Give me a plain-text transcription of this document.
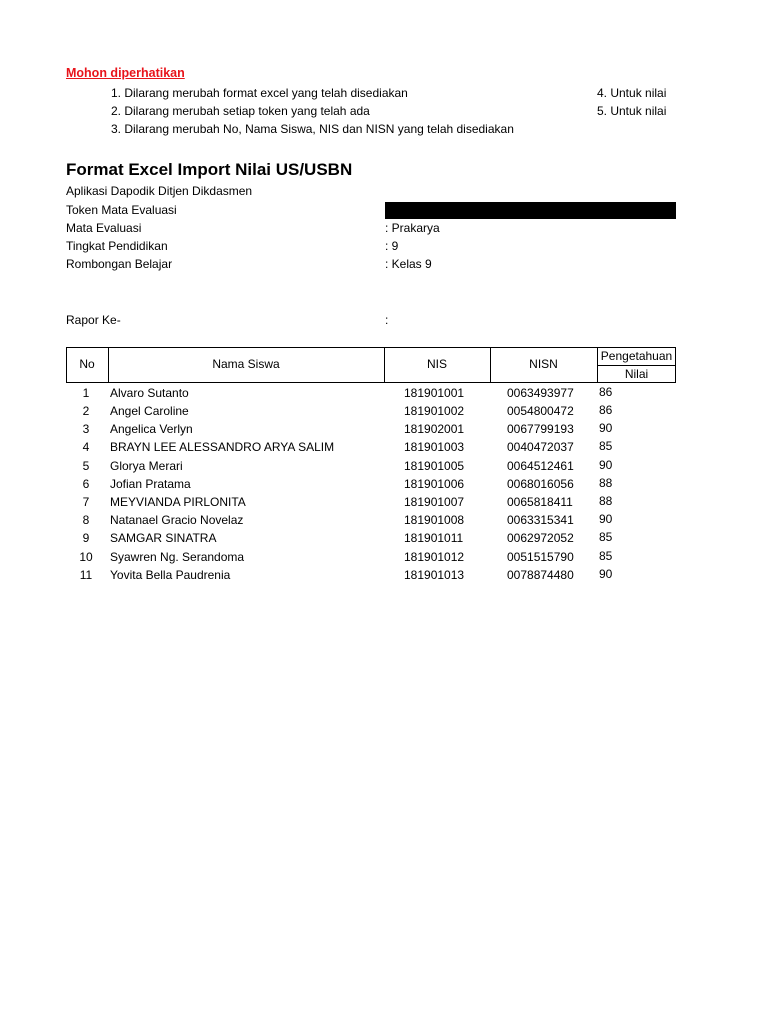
Mohon diperhatikan
1. Dilarang merubah format excel yang telah disediakan
2. Dilarang merubah setiap token yang telah ada
3. Dilarang merubah No, Nama Siswa, NIS dan NISN yang telah disediakan
4. Untuk nilai
5. Untuk nilai
Format Excel Import Nilai US/USBN
Aplikasi Dapodik Ditjen Dikdasmen
Token Mata Evaluasi
Mata Evaluasi	: Prakarya
Tingkat Pendidikan	: 9
Rombongan Belajar	: Kelas 9
Rapor Ke-	:
No	Nama Siswa	NIS	NISN
Pengetahuan
Nilai
1	Alvaro Sutanto	181901001	0063493977 86
2	Angel Caroline	181901002	0054800472 86
3	Angelica Verlyn	181902001	0067799193 90
4	BRAYN LEE ALESSANDRO ARYA SALIM	181901003	0040472037 85
5	Glorya Merari	181901005	0064512461 90
6	Jofian Pratama	181901006	0068016056 88
7	MEYVIANDA PIRLONITA	181901007	0065818411 88
8	Natanael Gracio Novelaz	181901008	0063315341 90
9	SAMGAR SINATRA	181901011	0062972052 85
10	Syawren Ng. Serandoma	181901012	0051515790 85
11	Yovita Bella Paudrenia	181901013	0078874480 90
